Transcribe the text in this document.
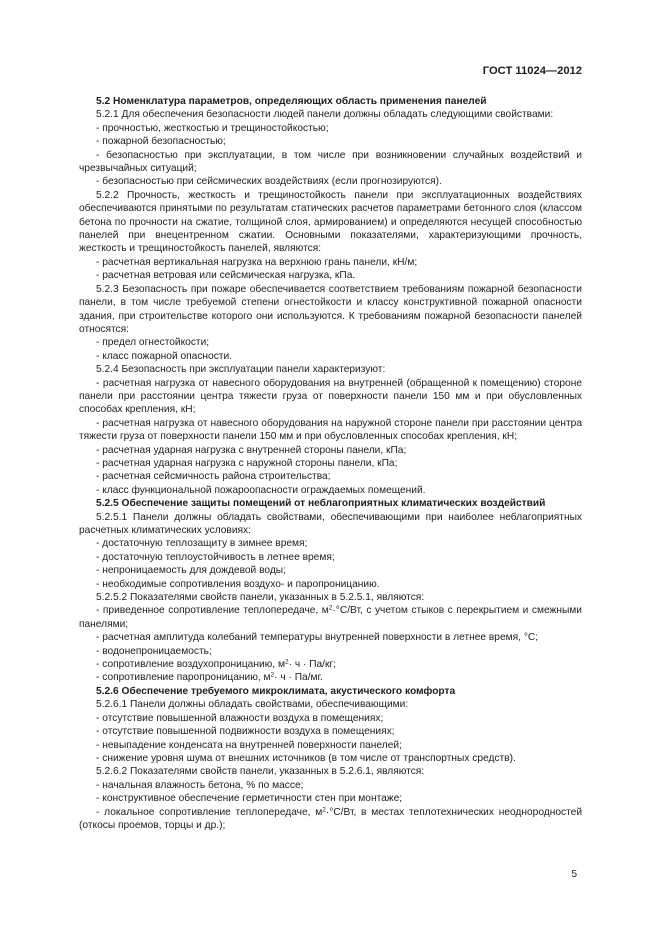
ГОСТ 11024—2012

5.2 Номенклатура параметров, определяющих область применения панелей

5.2.1 Для обеспечения безопасности людей панели должны обладать следующими свойствами:

- прочностью, жесткостью и трещиностойкостью;

- пожарной безопасностью;

- безопасностью при эксплуатации, в том числе при возникновении случайных воздействий и чрезвычайных ситуаций;

- безопасностью при сейсмических воздействиях (если прогнозируются).

5.2.2 Прочность, жесткость и трещиностойкость панели при эксплуатационных воздействиях обеспечиваются принятыми по результатам статических расчетов параметрами бетонного слоя (классом бетона по прочности на сжатие, толщиной слоя, армированием) и определяются несущей способностью панелей при внецентренном сжатии. Основными показателями, характеризующими прочность, жесткость и трещиностойкость панелей, являются:

- расчетная вертикальная нагрузка на верхнюю грань панели, кН/м;

- расчетная ветровая или сейсмическая нагрузка, кПа.

5.2.3 Безопасность при пожаре обеспечивается соответствием требованиям пожарной безопасности панели, в том числе требуемой степени огнестойкости и классу конструктивной пожарной опасности здания, при строительстве которого они используются. К требованиям пожарной безопасности панелей относятся:

- предел огнестойкости;

- класс пожарной опасности.

5.2.4 Безопасность при эксплуатации панели характеризуют:

- расчетная нагрузка от навесного оборудования на внутренней (обращенной к помещению) стороне панели при расстоянии центра тяжести груза от поверхности панели 150 мм и при обусловленных способах крепления, кН;

- расчетная нагрузка от навесного оборудования на наружной стороне панели при расстоянии центра тяжести груза от поверхности панели 150 мм и при обусловленных способах крепления, кН;

- расчетная ударная нагрузка с внутренней стороны панели, кПа;

- расчетная ударная нагрузка с наружной стороны панели, кПа;

- расчетная сейсмичность района строительства;

- класс функциональной пожароопасности ограждаемых помещений.

5.2.5 Обеспечение защиты помещений от неблагоприятных климатических воздействий

5.2.5.1 Панели должны обладать свойствами, обеспечивающими при наиболее неблагоприятных расчетных климатических условиях:

- достаточную теплозащиту в зимнее время;

- достаточную теплоустойчивость в летнее время;

- непроницаемость для дождевой воды;

- необходимые сопротивления воздухо- и паропроницанию.

5.2.5.2 Показателями свойств панели, указанных в 5.2.5.1, являются:

- приведенное сопротивление теплопередаче, $м^2\cdot^\circ С/Вт$, с учетом стыков с перекрытием и смежными панелями;

- расчетная амплитуда колебаний температуры внутренней поверхности в летнее время, °С;

- водонепроницаемость;

- сопротивление воздухопроницанию, $м^2\cdot ч \cdot Па/кг$;

- сопротивление паропроницанию, $м^2\cdot ч \cdot Па/мг$.

5.2.6 Обеспечение требуемого микроклимата, акустического комфорта

5.2.6.1 Панели должны обладать свойствами, обеспечивающими:

- отсутствие повышенной влажности воздуха в помещениях;

- отсутствие повышенной подвижности воздуха в помещениях;

- невыпадение конденсата на внутренней поверхности панелей;

- снижение уровня шума от внешних источников (в том числе от транспортных средств).

5.2.6.2 Показателями свойств панели, указанных в 5.2.6.1, являются:

- начальная влажность бетона, % по массе;

- конструктивное обеспечение герметичности стен при монтаже;

- локальное сопротивление теплопередаче, $м^2\cdot^\circ С/Вт$, в местах теплотехнических неоднородностей (откосы проемов, торцы и др.);

5
